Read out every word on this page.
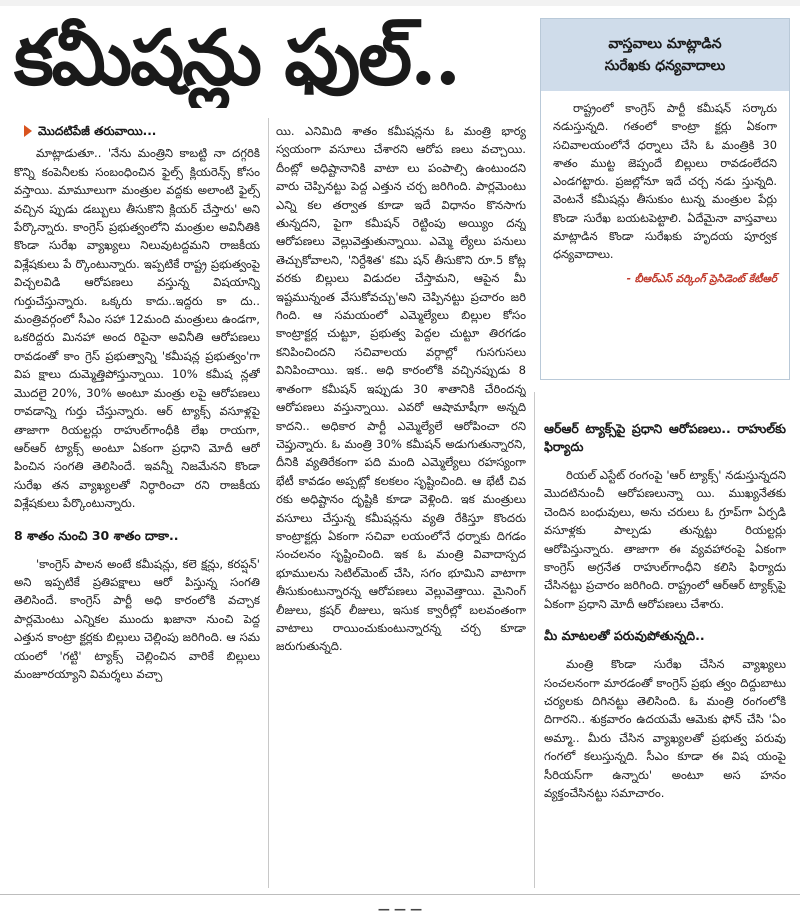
కమీషన్లు ఫుల్..
మొదటిపేజీ తరువాయి...

మాట్లాడుతూ.. 'నేను మంత్రిని కాబట్టి నా దగ్గరికి కొన్ని కంపెనీలకు సంబంధించిన ఫైల్స్ క్లియరెన్స్ కోసం వస్తాయి. మామూలుగా మంత్రుల వద్దకు అలాంటి ఫైల్స్ వచ్చిన ప్పుడు డబ్బులు తీసుకొని క్లియర్ చేస్తారు' అని పేర్కొన్నారు. కాంగ్రెస్ ప్రభుత్వంలోని మంత్రుల అవినీతికి కొండా సురేఖ వ్యాఖ్యలు నిలువుటద్దమని రాజకీయ విశ్లేషకులు పే ర్కొంటున్నారు. ఇప్పటికే రాష్ట్ర ప్రభుత్వంపై విచ్చలవిడి ఆరోపణలు వస్తున్న విషయాన్ని గుర్తుచేస్తున్నారు. ఒక్కరు కాదు..ఇద్దరు కా దు.. మంత్రివర్గంలో సీఎం సహా 12మంది మంత్రులు ఉండగా, ఒకరిద్దరు మినహా అంద రిపైనా అవినీతి ఆరోపణలు రావడంతో కాం గ్రెస్ ప్రభుత్వాన్ని 'కమీషన్ల ప్రభుత్వం'గా విప క్షాలు దుమ్మెత్తిపోస్తున్నాయి. 10% కమీష న్లతో మొదలై 20%, 30% అంటూ మంత్రు లపై ఆరోపణలు రావడాన్ని గుర్తు చేస్తున్నారు. ఆర్ ట్యాక్స్ వసూళ్లపై తాజాగా రియల్టర్లు రాహుల్‌గాంధీకి లేఖ రాయగా, ఆర్ఆర్ ట్యాక్స్ అంటూ ఏకంగా ప్రధాని మోదీ ఆరో పించిన సంగతి తెలిసిందే. ఇవన్నీ నిజమేనని కొండా సురేఖ తన వ్యాఖ్యలతో నిర్ధారించా రని రాజకీయ విశ్లేషకులు పేర్కొంటున్నారు.

8 శాతం నుంచి 30 శాతం దాకా..

'కాంగ్రెస్ పాలన అంటే కమీషన్లు, కలె క్షన్లు, కరప్షన్' అని ఇప్పటికే ప్రతిపక్షాలు ఆరో పిస్తున్న సంగతి తెలిసిందే. కాంగ్రెస్ పార్టీ అధి కారంలోకి వచ్చాక పార్లమెంటు ఎన్నికల ముందు ఖజానా నుంచి పెద్ద ఎత్తున కాంట్రా క్టర్లకు బిల్లులు చెల్లింపు జరిగింది. ఆ సమ యంలో 'గట్టి' ట్యాక్స్ చెల్లించిన వారికే బిల్లులు మంజూరయ్యాని విమర్శలు వచ్చా

యి. ఎనిమిది శాతం కమీషన్లను ఓ మంత్రి భార్య స్వయంగా వసూలు చేశారని ఆరోప ణలు వచ్చాయి. దీంట్లో అధిష్టానానికి వాటా లు పంపాల్సి ఉంటుందని వారు చెప్పినట్టు పెద్ద ఎత్తున చర్చ జరిగింది. పార్లమెంటు ఎన్ని కల తర్వాత కూడా ఇదే విధానం కొనసాగు తున్నదని, పైగా కమీషన్ రెట్టింపు అయ్యిం దన్న ఆరోపణలు వెల్లువెత్తుతున్నాయి. ఎమ్మె ల్యేలు పనులు తెచ్చుకోవాలని, 'నిర్దేశిత' కమి షన్ తీసుకొని రూ.5 కోట్ల వరకు బిల్లులు విడుదల చేస్తామని, ఆపైన మీ ఇష్టమున్నంత వేసుకోవచ్చు'అని చెప్పినట్టు ప్రచారం జరి గింది. ఆ సమయంలో ఎమ్మెల్యేలు బిల్లుల కోసం కాంట్రాక్టర్ల చుట్టూ, ప్రభుత్వ పెద్దల చుట్టూ తిరగడం కనిపించిందని సచివాలయ వర్గాల్లో గుసగుసలు వినిపించాయి. ఇక.. అధి కారంలోకి వచ్చినప్పుడు 8 శాతంగా కమీషన్ ఇప్పుడు 30 శాతానికి చేరిందన్న ఆరోపణలు వస్తున్నాయి. ఎవరో ఆషామాషీగా అన్నది కాదని.. అధికార పార్టీ ఎమ్మెల్యేలే ఆరోపించా రని చెప్తున్నారు. ఓ మంత్రి 30% కమీషన్ అడుగుతున్నారని, దీనికి వ్యతిరేకంగా పది మంది ఎమ్మెల్యేలు రహస్యంగా భేటీ కావడం అప్పట్లో కలకలం సృష్టించింది. ఆ భేటీ చివ రకు అధిష్టానం దృష్టికి కూడా వెళ్లింది. ఇక మంత్రులు వసూలు చేస్తున్న కమీషన్లను వ్యతి రేకిస్తూ కొందరు కాంట్రాక్టర్లు ఏకంగా సచివా లయంలోనే ధర్నాకు దిగడం సంచలనం సృష్టించింది. ఇక ఓ మంత్రి వివాదాస్పద భూములను సెటిల్‌మెంట్ చేసి, సగం భూమిని వాటాగా తీసుకుంటున్నారన్న ఆరోపణలు వెల్లువెత్తాయి. మైనింగ్ లీజులు, క్రషర్ లీజులు, ఇసుక క్వారీల్లో బలవంతంగా వాటాలు రాయించుకుంటున్నారన్న చర్చ కూడా జరుగుతున్నది.

వాస్తవాలు మాట్లాడిన
సురేఖకు ధన్యవాదాలు

రాష్ట్రంలో కాంగ్రెస్ పార్టీ కమీషన్ సర్కారు నడుస్తున్నది. గతంలో కాంట్రా క్టర్లు ఏకంగా సచివాలయంలోనే ధర్నాలు చేసి ఓ మంత్రికి 30 శాతం ముట్ట జెప్పందే బిల్లులు రావడంలేదని ఎండగట్టారు. ప్రజల్లోనూ ఇదే చర్చ నడు స్తున్నది. వెంటనే కమీషన్లు తీసుకుం టున్న మంత్రుల పేర్లు కొండా సురేఖ బయటపెట్టాలి. ఏదేమైనా వాస్తవాలు మాట్లాడిన కొండా సురేఖకు హృదయ పూర్వక ధన్యవాదాలు.

- బీఆర్ఎస్ వర్కింగ్ ప్రెసిడెంట్ కేటీఆర్
ఆర్ఆర్ ట్యాక్స్‌పై ప్రధాని ఆరోపణలు.. రాహుల్‌కు ఫిర్యాదు

రియల్ ఎస్టేట్ రంగంపై 'ఆర్ ట్యాక్స్' నడుస్తున్నదని మొదటినుంచీ ఆరోపణలున్నా యి. ముఖ్యనేతకు చెందిన బంధువులు, అను చరులు ఓ గ్రూప్‌గా ఏర్పడి వసూళ్లకు పాల్పడు తున్నట్టు రియల్టర్లు ఆరోపిస్తున్నారు. తాజాగా ఈ వ్యవహారంపై ఏకంగా కాంగ్రెస్ అగ్రనేత రాహుల్‌గాంధీని కలిసి ఫిర్యాదు చేసినట్టు ప్రచారం జరిగింది. రాష్ట్రంలో ఆర్ఆర్ ట్యాక్స్‌పై ఏకంగా ప్రధాని మోదీ ఆరోపణలు చేశారు.

మీ మాటలతో పరువుపోతున్నది..

మంత్రి కొండా సురేఖ చేసిన వ్యాఖ్యలు సంచలనంగా మారడంతో కాంగ్రెస్ ప్రభు త్వం దిద్దుబాటు చర్యలకు దిగినట్టు తెలిసింది. ఓ మంత్రి రంగంలోకి దిగారని.. శుక్రవారం ఉదయమే ఆమెకు ఫోన్ చేసి 'ఏం అమ్మా.. మీరు చేసిన వ్యాఖ్యలతో ప్రభుత్వ పరువు గంగలో కలుస్తున్నది. సీఎం కూడా ఈ విష యంపై సీరియస్‌గా ఉన్నారు' అంటూ అస హనం వ్యక్తంచేసినట్టు సమాచారం.

— — —
